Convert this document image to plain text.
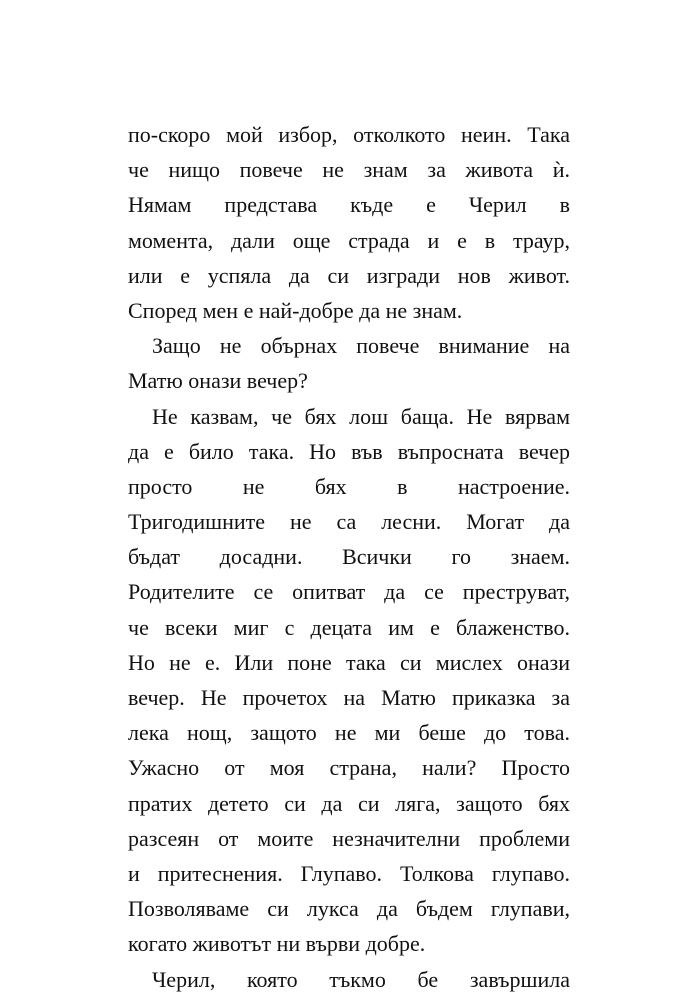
по-скоро мой избор, отколкото неин. Така
че нищо повече не знам за живота ѝ.
Нямам представа къде е Черил в
момента, дали още страда и е в траур,
или е успяла да си изгради нов живот.
Според мен е най-добре да не знам.
Защо не обърнах повече внимание на
Матю онази вечер?
Не казвам, че бях лош баща. Не вярвам
да е било така. Но във въпросната вечер
просто не бях в настроение.
Тригодишните не са лесни. Могат да
бъдат досадни. Всички го знаем.
Родителите се опитват да се преструват,
че всеки миг с децата им е блаженство.
Но не е. Или поне така си мислех онази
вечер. Не прочетох на Матю приказка за
лека нощ, защото не ми беше до това.
Ужасно от моя страна, нали? Просто
пратих детето си да си лягa, защото бях
разсеян от моите незначителни проблеми
и притеснения. Глупаво. Толкова глупаво.
Позволяваме си лукса да бъдем глупави,
когато животът ни върви добре.
Черил, която тъкмо бе завършила
